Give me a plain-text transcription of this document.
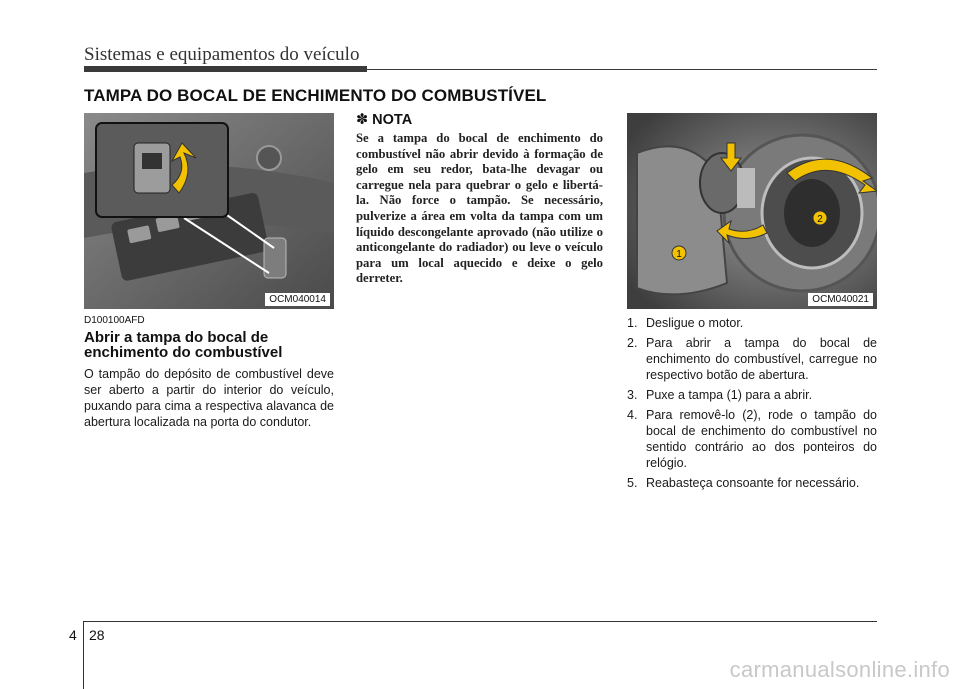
Sistemas e equipamentos do veículo
TAMPA DO BOCAL DE ENCHIMENTO DO COMBUSTÍVEL
OCM040014
D100100AFD
Abrir a tampa do bocal de enchimento do combustível
O tampão do depósito de combustível deve ser aberto a partir do interior do veículo, puxando para cima a respectiva alavanca de abertura localizada na porta do condutor.
✽ NOTA
Se a tampa do bocal de enchimento do combustível não abrir devido à formação de gelo em seu redor, bata-lhe devagar ou carregue nela para quebrar o gelo e libertá-la. Não force o tampão. Se necessário, pulverize a área em volta da tampa com um líquido descongelante aprovado (não utilize o anticongelante do radiador) ou leve o veículo para um local aquecido e deixe o gelo derreter.
1
2
OCM040021
1. Desligue o motor.
2. Para abrir a tampa do bocal de enchimento do combustível, carregue no respectivo botão de abertura.
3. Puxe a tampa (1) para a abrir.
4. Para removê-lo (2), rode o tampão do bocal de enchimento do combustível no sentido contrário ao dos ponteiros do relógio.
5. Reabasteça consoante for necessário.
4 28
carmanualsonline.info
